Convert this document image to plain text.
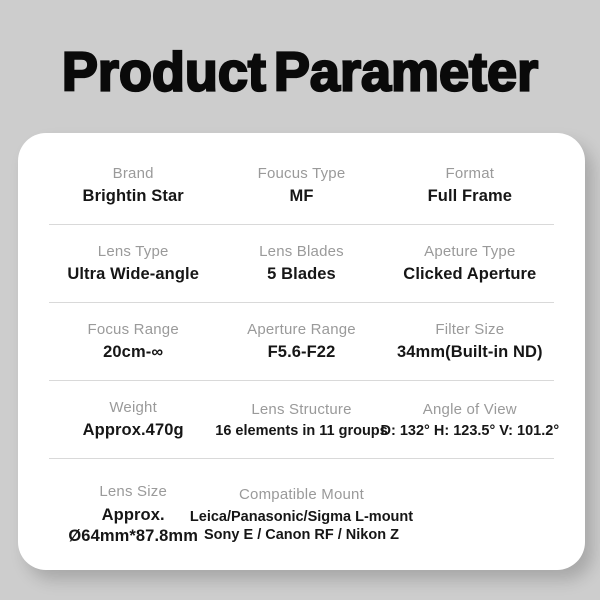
Product Parameter
Brand
Brightin Star
Foucus Type
MF
Format
Full Frame
Lens Type
Ultra Wide-angle
Lens Blades
5 Blades
Apeture Type
Clicked Aperture
Focus Range
20cm-∞
Aperture Range
F5.6-F22
Filter Size
34mm(Built-in ND)
Weight
Approx.470g
Lens Structure
16 elements in 11 groups
Angle of View
D: 132° H: 123.5° V: 101.2°
Lens Size
Approx.
Ø64mm*87.8mm
Compatible Mount
Leica/Panasonic/Sigma L-mount
Sony E / Canon RF / Nikon Z
